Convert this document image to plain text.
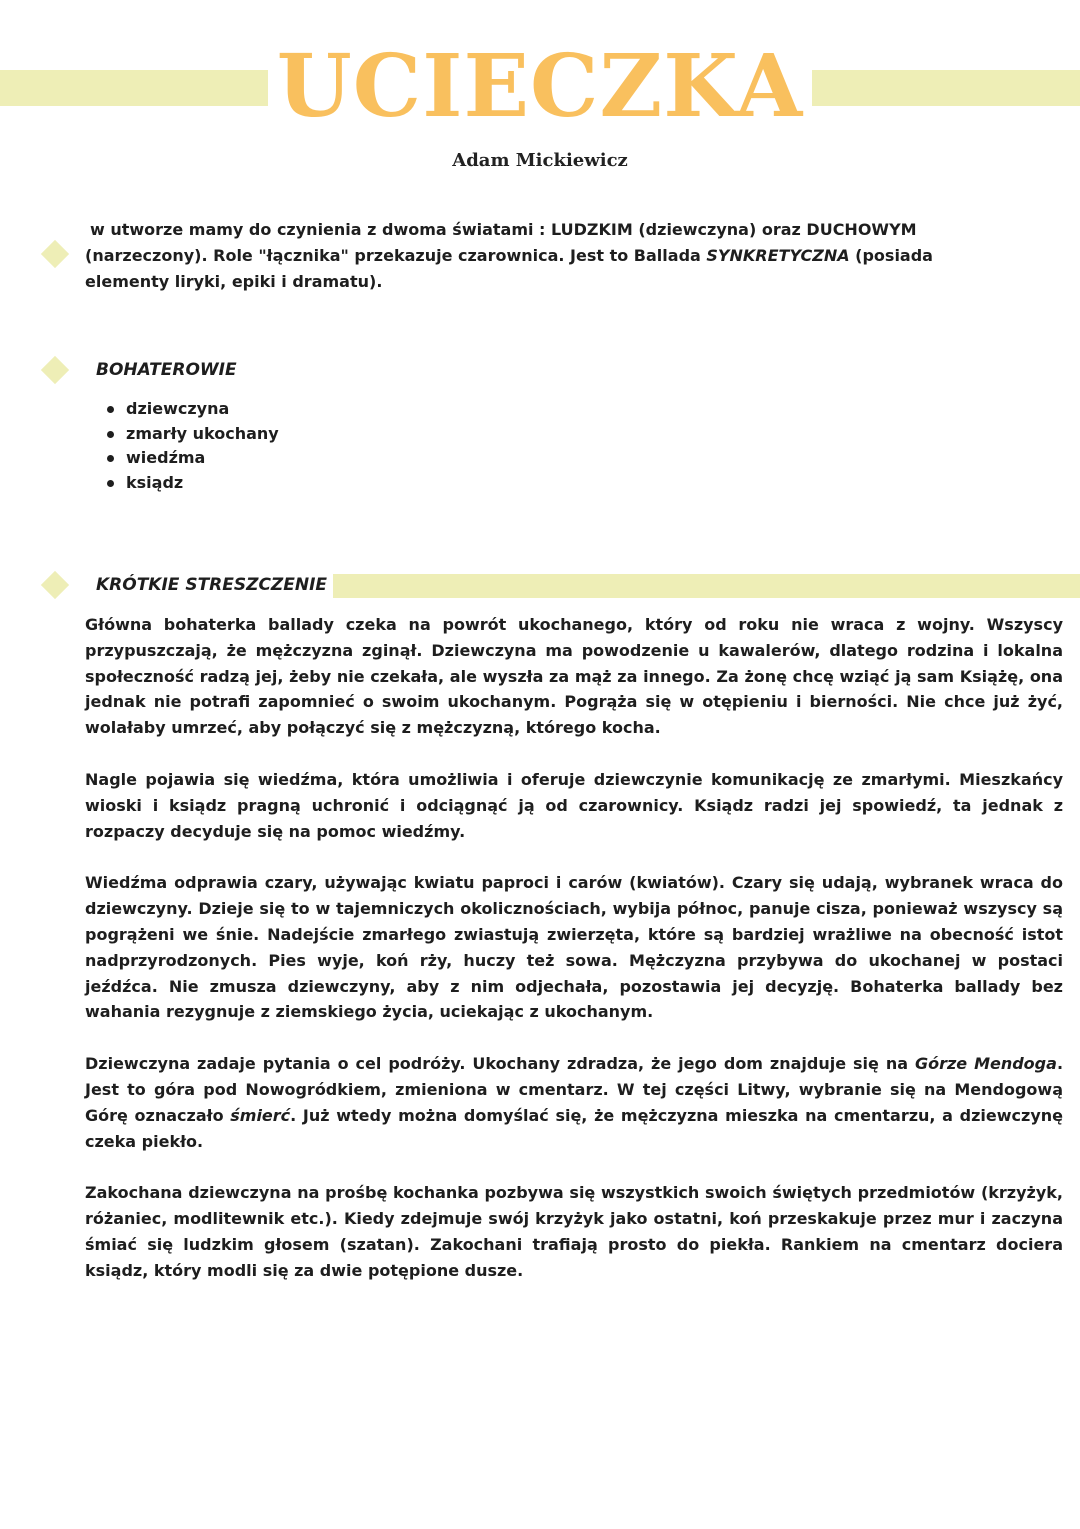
UCIECZKA
Adam Mickiewicz

w utworze mamy do czynienia z dwoma światami : LUDZKIM (dziewczyna) oraz DUCHOWYM (narzeczony). Role "łącznika" przekazuje czarownica. Jest to Ballada SYNKRETYCZNA (posiada elementy liryki, epiki i dramatu).

BOHATEROWIE
dziewczyna
zmarły ukochany
wiedźma
ksiądz
KRÓTKIE STRESZCZENIE

Główna bohaterka ballady czeka na powrót ukochanego, który od roku nie wraca z wojny. Wszyscy przypuszczają, że mężczyzna zginął. Dziewczyna ma powodzenie u kawalerów, dlatego rodzina i lokalna społeczność radzą jej, żeby nie czekała, ale wyszła za mąż za innego. Za żonę chcę wziąć ją sam Książę, ona jednak nie potrafi zapomnieć o swoim ukochanym. Pogrąża się w otępieniu i bierności. Nie chce już żyć, wolałaby umrzeć, aby połączyć się z mężczyzną, którego kocha.

Nagle pojawia się wiedźma, która umożliwia i oferuje dziewczynie komunikację ze zmarłymi. Mieszkańcy wioski i ksiądz pragną uchronić i odciągnąć ją od czarownicy. Ksiądz radzi jej spowiedź, ta jednak z rozpaczy decyduje się na pomoc wiedźmy.

Wiedźma odprawia czary, używając kwiatu paproci i carów (kwiatów). Czary się udają, wybranek wraca do dziewczyny. Dzieje się to w tajemniczych okolicznościach, wybija północ, panuje cisza, ponieważ wszyscy są pogrążeni we śnie. Nadejście zmarłego zwiastują zwierzęta, które są bardziej wrażliwe na obecność istot nadprzyrodzonych. Pies wyje, koń rży, huczy też sowa. Mężczyzna przybywa do ukochanej w postaci jeźdźca. Nie zmusza dziewczyny, aby z nim odjechała, pozostawia jej decyzję. Bohaterka ballady bez wahania rezygnuje z ziemskiego życia, uciekając z ukochanym.

Dziewczyna zadaje pytania o cel podróży. Ukochany zdradza, że jego dom znajduje się na Górze Mendoga. Jest to góra pod Nowogródkiem, zmieniona w cmentarz. W tej części Litwy, wybranie się na Mendogową Górę oznaczało śmierć. Już wtedy można domyślać się, że mężczyzna mieszka na cmentarzu, a dziewczynę czeka piekło.

Zakochana dziewczyna na prośbę kochanka pozbywa się wszystkich swoich świętych przedmiotów (krzyżyk, różaniec, modlitewnik etc.). Kiedy zdejmuje swój krzyżyk jako ostatni, koń przeskakuje przez mur i zaczyna śmiać się ludzkim głosem (szatan). Zakochani trafiają prosto do piekła. Rankiem na cmentarz dociera ksiądz, który modli się za dwie potępione dusze.
